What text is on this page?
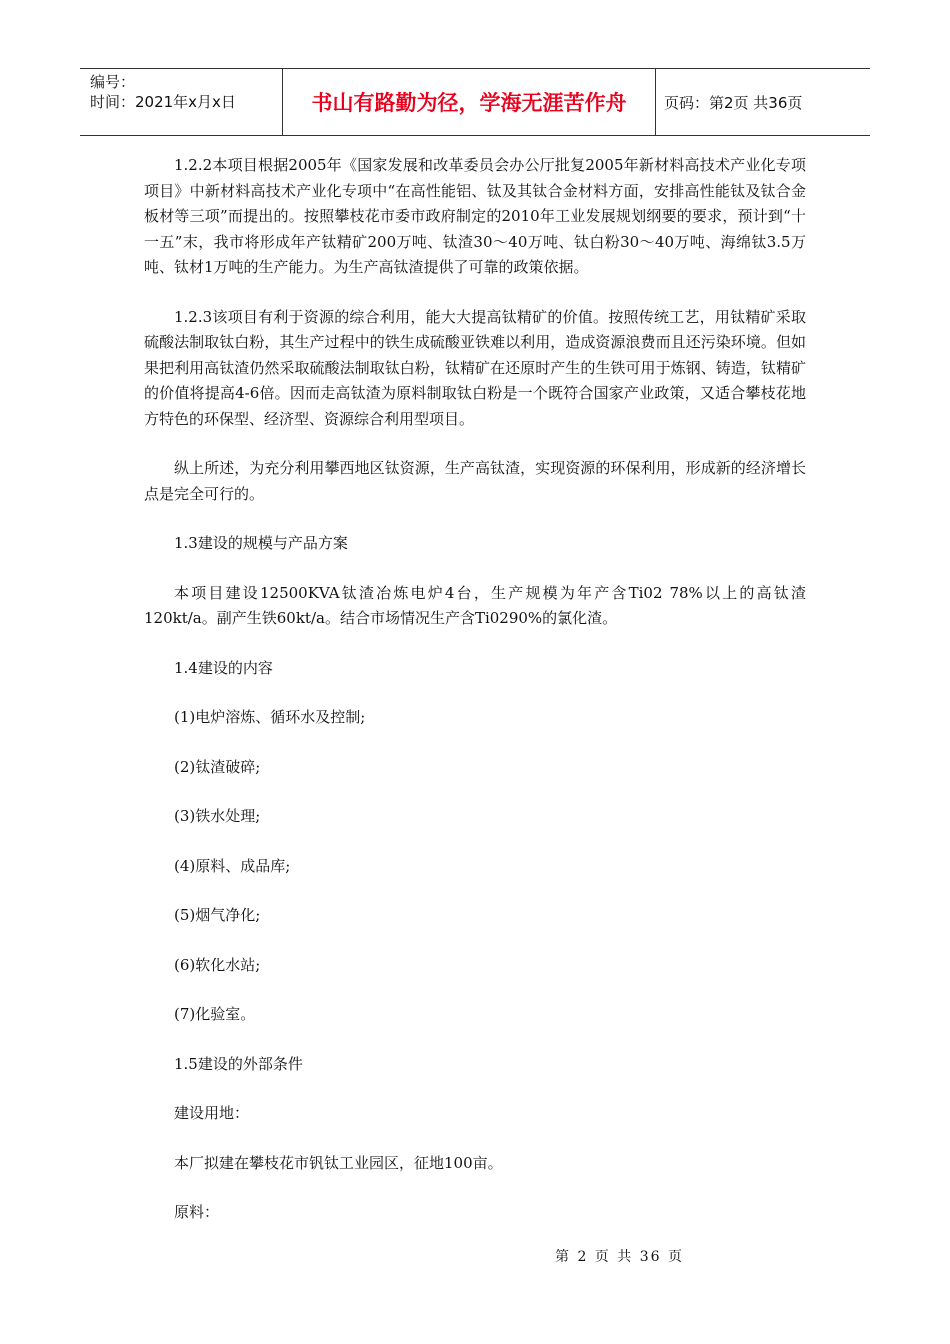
编号：
时间：2021年x月x日	书山有路勤为径，学海无涯苦作舟	页码：第2页 共36页

1.2.2本项目根据2005年《国家发展和改革委员会办公厅批复2005年新材料高技术产业化专项项目》中新材料高技术产业化专项中“在高性能铝、钛及其钛合金材料方面，安排高性能钛及钛合金板材等三项”而提出的。按照攀枝花市委市政府制定的2010年工业发展规划纲要的要求，预计到“十一五”末，我市将形成年产钛精矿200万吨、钛渣30～40万吨、钛白粉30～40万吨、海绵钛3.5万吨、钛材1万吨的生产能力。为生产高钛渣提供了可靠的政策依据。

1.2.3该项目有利于资源的综合利用，能大大提高钛精矿的价值。按照传统工艺，用钛精矿采取硫酸法制取钛白粉，其生产过程中的铁生成硫酸亚铁难以利用，造成资源浪费而且还污染环境。但如果把利用高钛渣仍然采取硫酸法制取钛白粉，钛精矿在还原时产生的生铁可用于炼钢、铸造，钛精矿的价值将提高4-6倍。因而走高钛渣为原料制取钛白粉是一个既符合国家产业政策，又适合攀枝花地方特色的环保型、经济型、资源综合利用型项目。

纵上所述，为充分利用攀西地区钛资源，生产高钛渣，实现资源的环保利用，形成新的经济增长点是完全可行的。

1.3建设的规模与产品方案

本项目建设12500KVA钛渣冶炼电炉4台，生产规模为年产含Ti02 78%以上的高钛渣120kt/a。副产生铁60kt/a。结合市场情况生产含Ti0290%的氯化渣。

1.4建设的内容

(1)电炉溶炼、循环水及控制;

(2)钛渣破碎;

(3)铁水处理;

(4)原料、成品库;

(5)烟气净化;

(6)软化水站;

(7)化验室。

1.5建设的外部条件

建设用地：

本厂拟建在攀枝花市钒钛工业园区，征地100亩。

原料：

第 2 页 共 36 页
